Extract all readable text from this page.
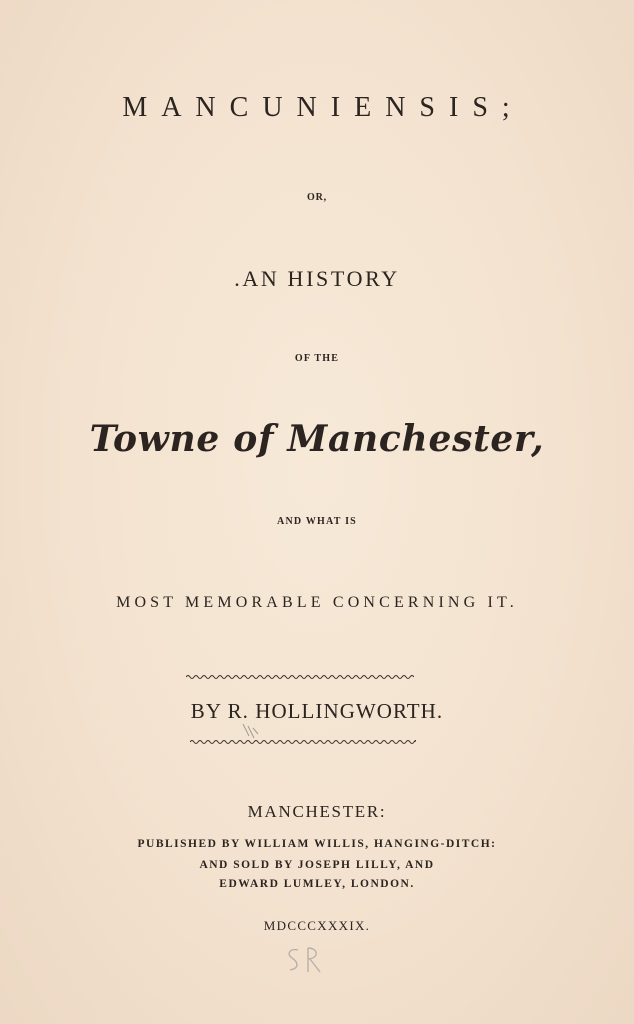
MANCUNIENSIS;
OR,
.AN HISTORY
OF THE
Towne of Manchester,
AND WHAT IS
MOST MEMORABLE CONCERNING IT.
BY R. HOLLINGWORTH.
MANCHESTER:
PUBLISHED BY WILLIAM WILLIS, HANGING-DITCH:
AND SOLD BY JOSEPH LILLY, AND
EDWARD LUMLEY, LONDON.
MDCCCXXXIX.
